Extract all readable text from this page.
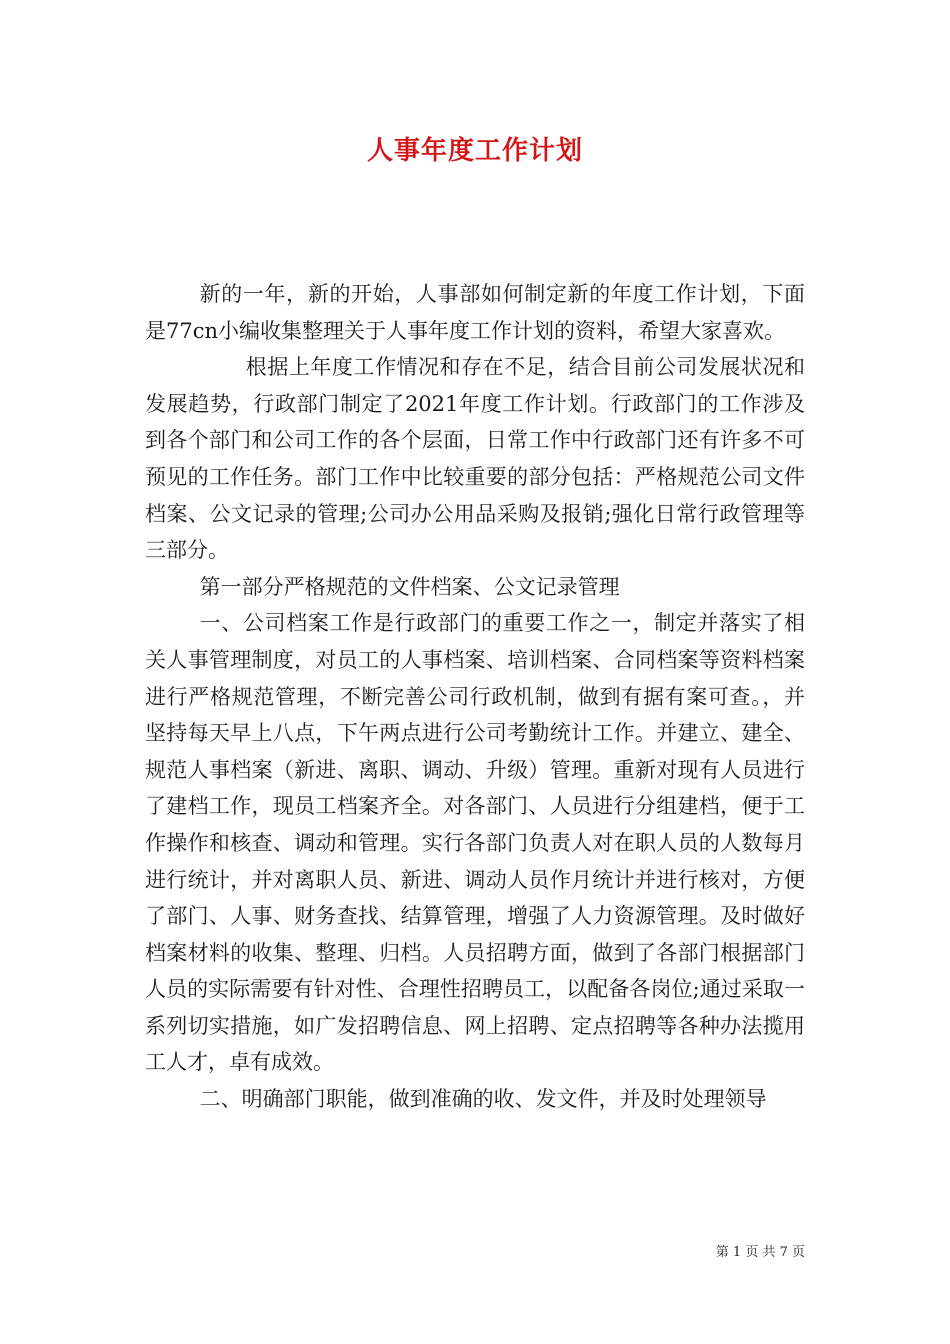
人事年度工作计划

新的一年，新的开始，人事部如何制定新的年度工作计划，下面是77cn小编收集整理关于人事年度工作计划的资料，希望大家喜欢。

根据上年度工作情况和存在不足，结合目前公司发展状况和发展趋势，行政部门制定了2021年度工作计划。行政部门的工作涉及到各个部门和公司工作的各个层面，日常工作中行政部门还有许多不可预见的工作任务。部门工作中比较重要的部分包括：严格规范公司文件档案、公文记录的管理;公司办公用品采购及报销;强化日常行政管理等三部分。

第一部分严格规范的文件档案、公文记录管理

一、公司档案工作是行政部门的重要工作之一，制定并落实了相关人事管理制度，对员工的人事档案、培训档案、合同档案等资料档案进行严格规范管理，不断完善公司行政机制，做到有据有案可查。，并坚持每天早上八点，下午两点进行公司考勤统计工作。并建立、建全、规范人事档案（新进、离职、调动、升级）管理。重新对现有人员进行了建档工作，现员工档案齐全。对各部门、人员进行分组建档，便于工作操作和核查、调动和管理。实行各部门负责人对在职人员的人数每月进行统计，并对离职人员、新进、调动人员作月统计并进行核对，方便了部门、人事、财务查找、结算管理，增强了人力资源管理。及时做好档案材料的收集、整理、归档。人员招聘方面，做到了各部门根据部门人员的实际需要有针对性、合理性招聘员工，以配备各岗位;通过采取一系列切实措施，如广发招聘信息、网上招聘、定点招聘等各种办法揽用工人才，卓有成效。

二、明确部门职能，做到准确的收、发文件，并及时处理领导

第 1 页 共 7 页
